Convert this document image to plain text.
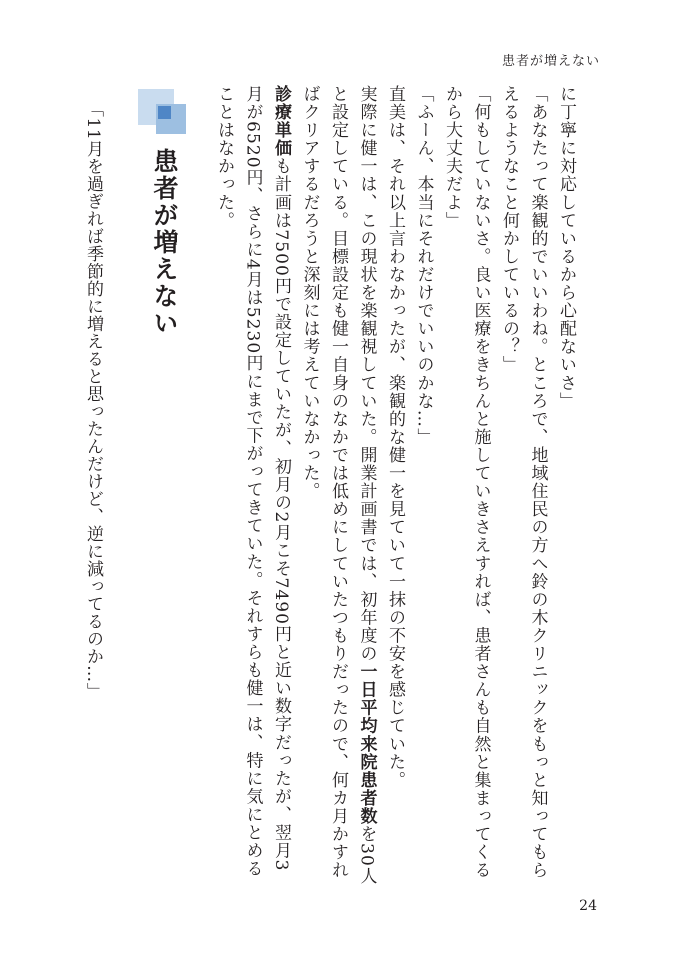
患者が増えない

に丁寧に対応しているから心配ないさ」

「あなたって楽観的でいいわね。ところで、地域住民の方へ鈴の木クリニックをもっと知ってもらえるようなこと何かしているの？」

「何もしていないさ。良い医療をきちんと施していきさえすれば、患者さんも自然と集まってくるから大丈夫だよ」

「ふーん、本当にそれだけでいいのかな…」

直美は、それ以上言わなかったが、楽観的な健一を見ていて一抹の不安を感じていた。

実際に健一は、この現状を楽観視していた。開業計画書では、初年度の一日平均来院患者数を30人と設定している。目標設定も健一自身のなかでは低めにしていたつもりだったので、何カ月かすればクリアするだろうと深刻には考えていなかった。

診療単価も計画は7500円で設定していたが、初月の2月こそ7490円と近い数字だったが、翌月3月が6520円、さらに4月は5230円にまで下がってきていた。それすらも健一は、特に気にとめることはなかった。

患者が増えない
「11月を過ぎれば季節的に増えると思ったんだけど、逆に減ってるのか…」
24
